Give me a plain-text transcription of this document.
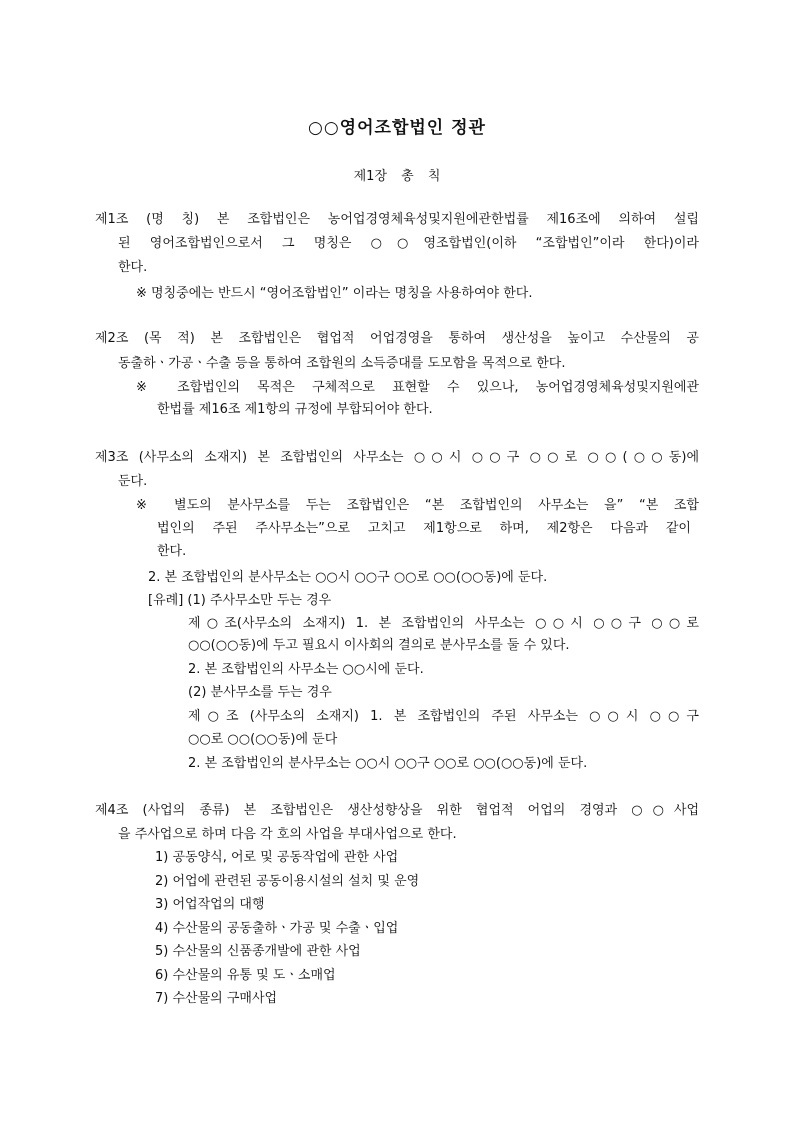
○○영어조합법인 정관
제1장 총 칙
제1조 (명 칭) 본 조합법인은 농어업경영체육성및지원에관한법률 제16조에 의하여 설립
된 영어조합법인으로서 그 명칭은 ○○영조합법인(이하 “조합법인”이라 한다)이라
한다.
※ 명칭중에는 반드시 “영어조합법인” 이라는 명칭을 사용하여야 한다.
제2조 (목 적) 본 조합법인은 협업적 어업경영을 통하여 생산성을 높이고 수산물의 공
동출하ㆍ가공ㆍ수출 등을 통하여 조합원의 소득증대를 도모함을 목적으로 한다.
※ 조합법인의 목적은 구체적으로 표현할 수 있으나, 농어업경영체육성및지원에관
한법률 제16조 제1항의 규정에 부합되어야 한다.
제3조 (사무소의 소재지) 본 조합법인의 사무소는 ○○시 ○○구 ○○로 ○○(○○동)에
둔다.
※ 별도의 분사무소를 두는 조합법인은 “본 조합법인의 사무소는 을” “본 조합
법인의 주된 주사무소는”으로 고치고 제1항으로 하며, 제2항은 다음과 같이
한다.
2. 본 조합법인의 분사무소는 ○○시 ○○구 ○○로 ○○(○○동)에 둔다.
[유례] (1) 주사무소만 두는 경우
제○조(사무소의 소재지) 1. 본 조합법인의 사무소는 ○○시 ○○구 ○○로
○○(○○동)에 두고 필요시 이사회의 결의로 분사무소를 둘 수 있다.
2. 본 조합법인의 사무소는 ○○시에 둔다.
(2) 분사무소를 두는 경우
제○조 (사무소의 소재지) 1. 본 조합법인의 주된 사무소는 ○○시 ○○구
○○로 ○○(○○동)에 둔다
2. 본 조합법인의 분사무소는 ○○시 ○○구 ○○로 ○○(○○동)에 둔다.
제4조 (사업의 종류) 본 조합법인은 생산성향상을 위한 협업적 어업의 경영과 ○○사업
을 주사업으로 하며 다음 각 호의 사업을 부대사업으로 한다.
1) 공동양식, 어로 및 공동작업에 관한 사업
2) 어업에 관련된 공동이용시설의 설치 및 운영
3) 어업작업의 대행
4) 수산물의 공동출하ㆍ가공 및 수출ㆍ입업
5) 수산물의 신품종개발에 관한 사업
6) 수산물의 유통 및 도ㆍ소매업
7) 수산물의 구매사업
